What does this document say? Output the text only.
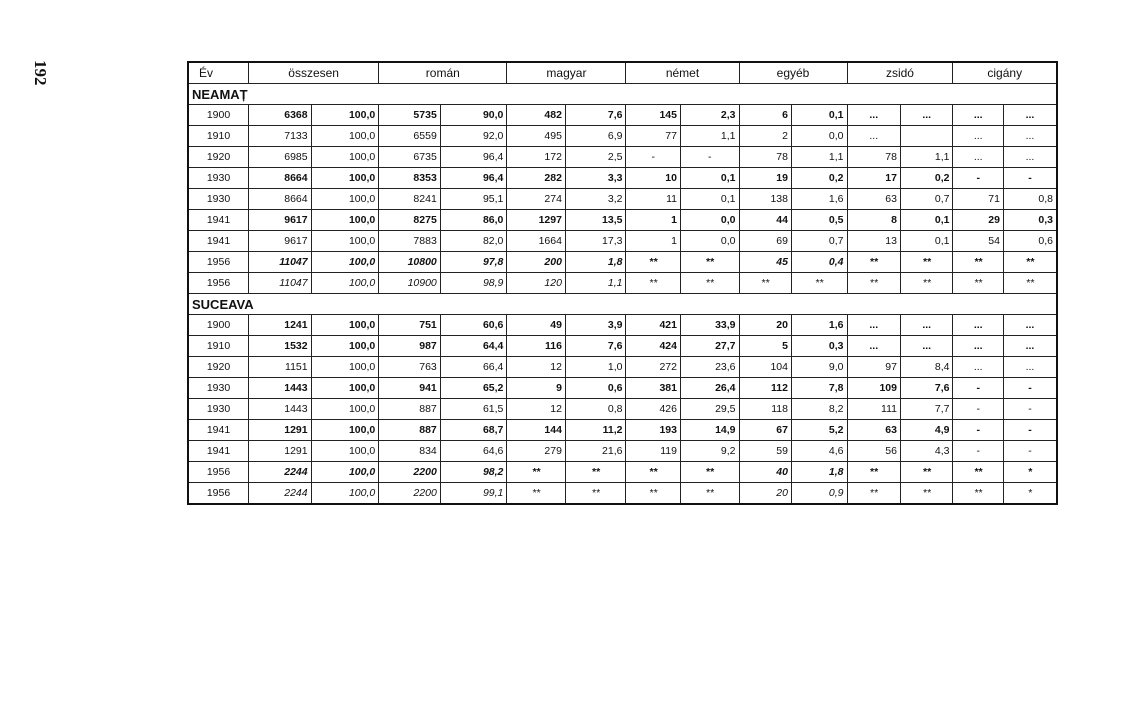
192	Év	összesen		román		magyar		német		egyéb		zsidó		cigány	
NEAMAȚ														
1900	6368	100,0	5735	90,0	482	7,6	145	2,3	6	0,1	...	...	...	...
1910	7133	100,0	6559	92,0	495	6,9	77	1,1	2	0,0	...		...	...
1920	6985	100,0	6735	96,4	172	2,5	-	-	78	1,1	78	1,1	...	...
1930	8664	100,0	8353	96,4	282	3,3	10	0,1	19	0,2	17	0,2	-	-
1930	8664	100,0	8241	95,1	274	3,2	11	0,1	138	1,6	63	0,7	71	0,8
1941	9617	100,0	8275	86,0	1297	13,5	1	0,0	44	0,5	8	0,1	29	0,3
1941	9617	100,0	7883	82,0	1664	17,3	1	0,0	69	0,7	13	0,1	54	0,6
1956	11047	100,0	10800	97,8	200	1,8	**	**	45	0,4	**	**	**	**
1956	11047	100,0	10900	98,9	120	1,1	**	**	**	**	**	**	**	**
SUCEAVA														
1900	1241	100,0	751	60,6	49	3,9	421	33,9	20	1,6	...	...	...	...
1910	1532	100,0	987	64,4	116	7,6	424	27,7	5	0,3	...	...	...	...
1920	1151	100,0	763	66,4	12	1,0	272	23,6	104	9,0	97	8,4	...	...
1930	1443	100,0	941	65,2	9	0,6	381	26,4	112	7,8	109	7,6	-	-
1930	1443	100,0	887	61,5	12	0,8	426	29,5	118	8,2	111	7,7	-	-
1941	1291	100,0	887	68,7	144	11,2	193	14,9	67	5,2	63	4,9	-	-
1941	1291	100,0	834	64,6	279	21,6	119	9,2	59	4,6	56	4,3	-	-
1956	2244	100,0	2200	98,2	**	**	**	**	40	1,8	**	**	**	*
1956	2244	100,0	2200	99,1	**	**	**	**	20	0,9	**	**	**	*
